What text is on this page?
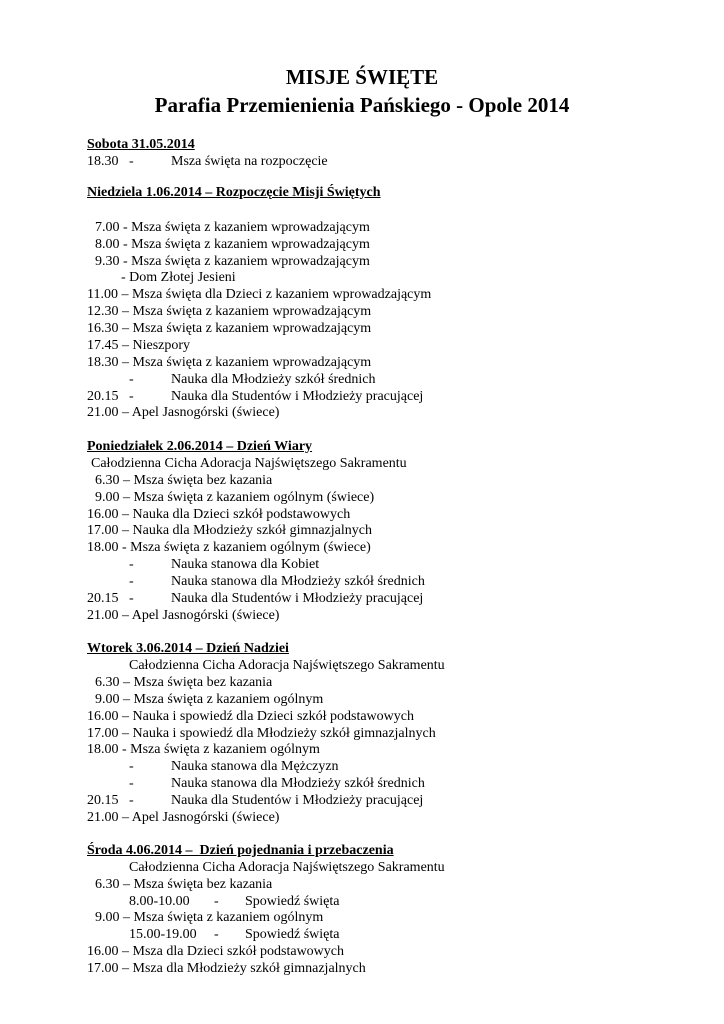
MISJE ŚWIĘTE
Parafia Przemienienia Pańskiego - Opole 2014
Sobota 31.05.2014
18.30 -	Msza święta na rozpoczęcie
Niedziela 1.06.2014 – Rozpoczęcie Misji Świętych
7.00 - Msza święta z kazaniem wprowadzającym
8.00 - Msza święta z kazaniem wprowadzającym
9.30 - Msza święta z kazaniem wprowadzającym
- Dom Złotej Jesieni
11.00 – Msza święta dla Dzieci z kazaniem wprowadzającym
12.30 – Msza święta z kazaniem wprowadzającym
16.30 – Msza święta z kazaniem wprowadzającym
17.45 – Nieszpory
18.30 – Msza święta z kazaniem wprowadzającym
-	Nauka dla Młodzieży szkół średnich
20.15 -	Nauka dla Studentów i Młodzieży pracującej
21.00 – Apel Jasnogórski (świece)
Poniedziałek 2.06.2014 – Dzień Wiary
Całodzienna Cicha Adoracja Najświętszego Sakramentu
6.30 – Msza święta bez kazania
9.00 – Msza święta z kazaniem ogólnym (świece)
16.00 – Nauka dla Dzieci szkół podstawowych
17.00 – Nauka dla Młodzieży szkół gimnazjalnych
18.00 - Msza święta z kazaniem ogólnym (świece)
-	Nauka stanowa dla Kobiet
-	Nauka stanowa dla Młodzieży szkół średnich
20.15 -	Nauka dla Studentów i Młodzieży pracującej
21.00 – Apel Jasnogórski (świece)
Wtorek 3.06.2014 – Dzień Nadziei
Całodzienna Cicha Adoracja Najświętszego Sakramentu
6.30 – Msza święta bez kazania
9.00 – Msza święta z kazaniem ogólnym
16.00 – Nauka i spowiedź dla Dzieci szkół podstawowych
17.00 – Nauka i spowiedź dla Młodzieży szkół gimnazjalnych
18.00 - Msza święta z kazaniem ogólnym
-	Nauka stanowa dla Mężczyzn
-	Nauka stanowa dla Młodzieży szkół średnich
20.15 -	Nauka dla Studentów i Młodzieży pracującej
21.00 – Apel Jasnogórski (świece)
Środa 4.06.2014 –  Dzień pojednania i przebaczenia
Całodzienna Cicha Adoracja Najświętszego Sakramentu
6.30 – Msza święta bez kazania
8.00-10.00 - Spowiedź święta
9.00 – Msza święta z kazaniem ogólnym
15.00-19.00 - Spowiedź święta
16.00 – Msza dla Dzieci szkół podstawowych
17.00 – Msza dla Młodzieży szkół gimnazjalnych
